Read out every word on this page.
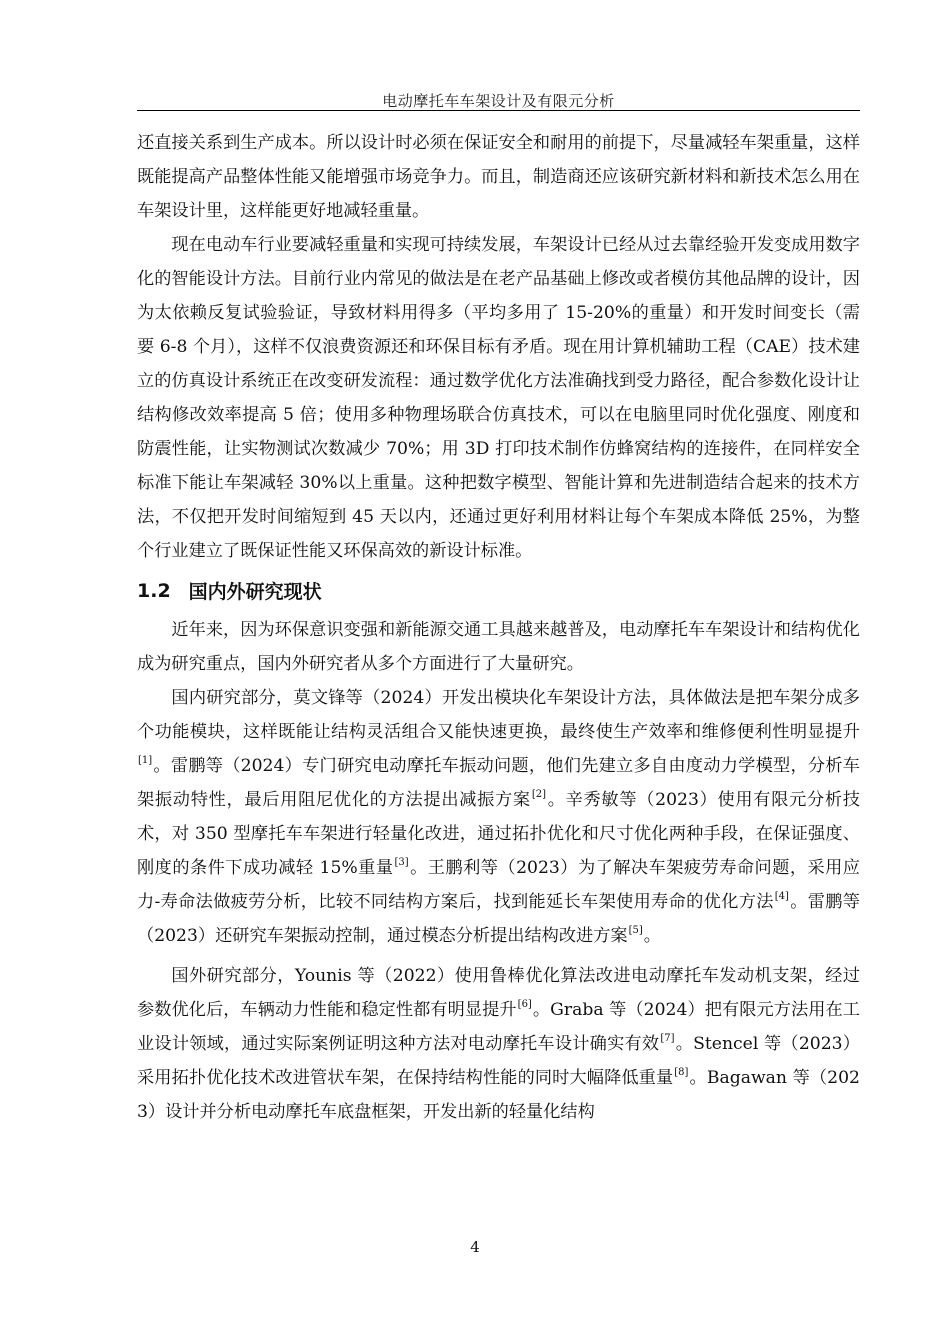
电动摩托车车架设计及有限元分析

还直接关系到生产成本。所以设计时必须在保证安全和耐用的前提下，尽量减轻车架重量，这样既能提高产品整体性能又能增强市场竞争力。而且，制造商还应该研究新材料和新技术怎么用在车架设计里，这样能更好地减轻重量。

现在电动车行业要减轻重量和实现可持续发展，车架设计已经从过去靠经验开发变成用数字化的智能设计方法。目前行业内常见的做法是在老产品基础上修改或者模仿其他品牌的设计，因为太依赖反复试验验证，导致材料用得多（平均多用了 15-20%的重量）和开发时间变长（需要 6-8 个月），这样不仅浪费资源还和环保目标有矛盾。现在用计算机辅助工程（CAE）技术建立的仿真设计系统正在改变研发流程：通过数学优化方法准确找到受力路径，配合参数化设计让结构修改效率提高 5 倍；使用多种物理场联合仿真技术，可以在电脑里同时优化强度、刚度和防震性能，让实物测试次数减少 70%；用 3D 打印技术制作仿蜂窝结构的连接件，在同样安全标准下能让车架减轻 30%以上重量。这种把数字模型、智能计算和先进制造结合起来的技术方法，不仅把开发时间缩短到 45 天以内，还通过更好利用材料让每个车架成本降低 25%，为整个行业建立了既保证性能又环保高效的新设计标准。

1.2 国内外研究现状

近年来，因为环保意识变强和新能源交通工具越来越普及，电动摩托车车架设计和结构优化成为研究重点，国内外研究者从多个方面进行了大量研究。

国内研究部分，莫文锋等（2024）开发出模块化车架设计方法，具体做法是把车架分成多个功能模块，这样既能让结构灵活组合又能快速更换，最终使生产效率和维修便利性明显提升[1]。雷鹏等（2024）专门研究电动摩托车振动问题，他们先建立多自由度动力学模型，分析车架振动特性，最后用阻尼优化的方法提出减振方案[2]。辛秀敏等（2023）使用有限元分析技术，对 350 型摩托车车架进行轻量化改进，通过拓扑优化和尺寸优化两种手段，在保证强度、刚度的条件下成功减轻 15%重量[3]。王鹏利等（2023）为了解决车架疲劳寿命问题，采用应力-寿命法做疲劳分析，比较不同结构方案后，找到能延长车架使用寿命的优化方法[4]。雷鹏等（2023）还研究车架振动控制，通过模态分析提出结构改进方案[5]。

国外研究部分，Younis 等（2022）使用鲁棒优化算法改进电动摩托车发动机支架，经过参数优化后，车辆动力性能和稳定性都有明显提升[6]。Graba 等（2024）把有限元方法用在工业设计领域，通过实际案例证明这种方法对电动摩托车设计确实有效[7]。Stencel 等（2023）采用拓扑优化技术改进管状车架，在保持结构性能的同时大幅降低重量[8]。Bagawan 等（2023）设计并分析电动摩托车底盘框架，开发出新的轻量化结构

4
